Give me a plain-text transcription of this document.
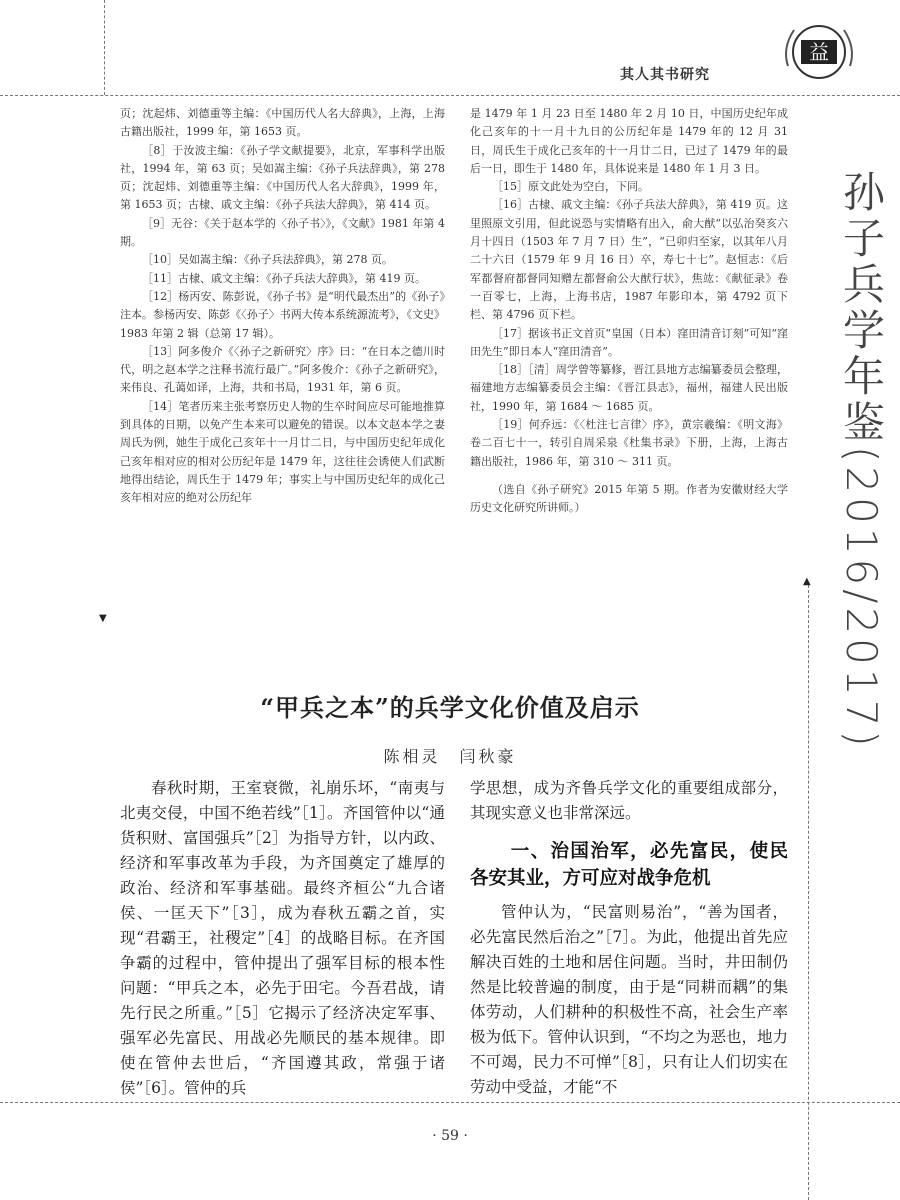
其人其书研究
益
孙子兵学年鉴(2016/2017)

页；沈起炜、刘德重等主编：《中国历代人名大辞典》，上海，上海古籍出版社，1999 年，第 1653 页。

［8］于汝波主编：《孙子学文献提要》，北京，军事科学出版社，1994 年，第 63 页；吴如嵩主编：《孙子兵法辞典》，第 278 页；沈起炜、刘德重等主编：《中国历代人名大辞典》，1999 年，第 1653 页；古棣、戚文主编：《孙子兵法大辞典》，第 414 页。

［9］无谷：《关于赵本学的〈孙子书〉》，《文献》1981 年第 4 期。

［10］吴如嵩主编：《孙子兵法辞典》，第 278 页。

［11］古棣、戚文主编：《孙子兵法大辞典》，第 419 页。

［12］杨丙安、陈彭说，《孙子书》是“明代最杰出”的《孙子》注本。参杨丙安、陈彭《〈孙子〉书两大传本系统源流考》，《文史》1983 年第 2 辑（总第 17 辑）。

［13］阿多俊介《〈孙子之新研究〉序》曰：“在日本之德川时代，明之赵本学之注释书流行最广。”阿多俊介：《孙子之新研究》，来伟良、孔蔼如译，上海，共和书局，1931 年，第 6 页。

［14］笔者历来主张考察历史人物的生卒时间应尽可能地推算到具体的日期，以免产生本来可以避免的错误。以本文赵本学之妻周氏为例，她生于成化己亥年十一月廿二日，与中国历史纪年成化己亥年相对应的相对公历纪年是 1479 年，这往往会诱使人们武断地得出结论，周氏生于 1479 年；事实上与中国历史纪年的成化己亥年相对应的绝对公历纪年

是 1479 年 1 月 23 日至 1480 年 2 月 10 日，中国历史纪年成化己亥年的十一月十九日的公历纪年是 1479 年的 12 月 31 日，周氏生于成化己亥年的十一月廿二日，已过了 1479 年的最后一日，即生于 1480 年，具体说来是 1480 年 1 月 3 日。

［15］原文此处为空白，下同。

［16］古棣、戚文主编：《孙子兵法大辞典》，第 419 页。这里照原文引用，但此说恐与实情略有出入，俞大猷“以弘治癸亥六月十四日（1503 年 7 月 7 日）生”，“已卯归至家，以其年八月二十六日（1579 年 9 月 16 日）卒，寿七十七”。赵恒志：《后军都督府都督同知赠左都督俞公大猷行状》，焦竑：《献征录》卷一百零七，上海，上海书店，1987 年影印本，第 4792 页下栏、第 4796 页下栏。

［17］据该书正文首页“皇国（日本）窪田清音订刻”可知“窪田先生”即日本人“窪田清音”。

［18］［清］周学曾等纂修，晋江县地方志编纂委员会整理，福建地方志编纂委员会主编：《晋江县志》，福州，福建人民出版社，1990 年，第 1684 ～ 1685 页。

［19］何乔远：《〈杜注七言律〉序》，黄宗羲编：《明文海》卷二百七十一，转引自周采泉《杜集书录》下册，上海，上海古籍出版社，1986 年，第 310 ～ 311 页。

（选自《孙子研究》2015 年第 5 期。作者为安徽财经大学历史文化研究所讲师。）

▼
▲
“甲兵之本”的兵学文化价值及启示
陈相灵　闫秋豪

春秋时期，王室衰微，礼崩乐坏，“南夷与北夷交侵，中国不绝若线”［1］。齐国管仲以“通货积财、富国强兵”［2］为指导方针，以内政、经济和军事改革为手段，为齐国奠定了雄厚的政治、经济和军事基础。最终齐桓公“九合诸侯、一匡天下”［3］，成为春秋五霸之首，实现“君霸王，社稷定”［4］的战略目标。在齐国争霸的过程中，管仲提出了强军目标的根本性问题：“甲兵之本，必先于田宅。今吾君战，请先行民之所重。”［5］它揭示了经济决定军事、强军必先富民、用战必先顺民的基本规律。即使在管仲去世后，“齐国遵其政，常强于诸侯”［6］。管仲的兵

学思想，成为齐鲁兵学文化的重要组成部分，其现实意义也非常深远。

一、治国治军，必先富民，使民各安其业，方可应对战争危机

管仲认为，“民富则易治”，“善为国者，必先富民然后治之”［7］。为此，他提出首先应解决百姓的土地和居住问题。当时，井田制仍然是比较普遍的制度，由于是“同耕而耦”的集体劳动，人们耕种的积极性不高，社会生产率极为低下。管仲认识到，“不均之为恶也，地力不可竭，民力不可惮”［8］，只有让人们切实在劳动中受益，才能“不

· 59 ·
